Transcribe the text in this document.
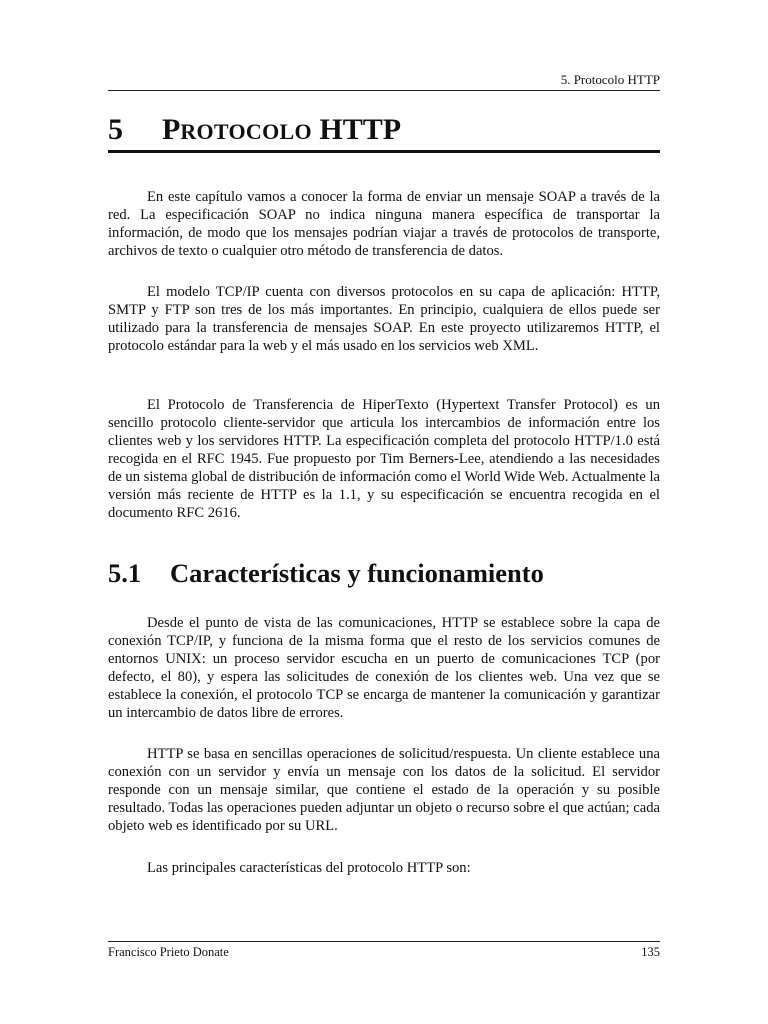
5. Protocolo HTTP
5 PROTOCOLO HTTP

En este capítulo vamos a conocer la forma de enviar un mensaje SOAP a través de la red. La especificación SOAP no indica ninguna manera específica de transportar la información, de modo que los mensajes podrían viajar a través de protocolos de transporte, archivos de texto o cualquier otro método de transferencia de datos.

El modelo TCP/IP cuenta con diversos protocolos en su capa de aplicación: HTTP, SMTP y FTP son tres de los más importantes. En principio, cualquiera de ellos puede ser utilizado para la transferencia de mensajes SOAP. En este proyecto utilizaremos HTTP, el protocolo estándar para la web y el más usado en los servicios web XML.

El Protocolo de Transferencia de HiperTexto (Hypertext Transfer Protocol) es un sencillo protocolo cliente-servidor que articula los intercambios de información entre los clientes web y los servidores HTTP. La especificación completa del protocolo HTTP/1.0 está recogida en el RFC 1945. Fue propuesto por Tim Berners-Lee, atendiendo a las necesidades de un sistema global de distribución de información como el World Wide Web. Actualmente la versión más reciente de HTTP es la 1.1, y su especificación se encuentra recogida en el documento RFC 2616.

5.1 Características y funcionamiento

Desde el punto de vista de las comunicaciones, HTTP se establece sobre la capa de conexión TCP/IP, y funciona de la misma forma que el resto de los servicios comunes de entornos UNIX: un proceso servidor escucha en un puerto de comunicaciones TCP (por defecto, el 80), y espera las solicitudes de conexión de los clientes web. Una vez que se establece la conexión, el protocolo TCP se encarga de mantener la comunicación y garantizar un intercambio de datos libre de errores.

HTTP se basa en sencillas operaciones de solicitud/respuesta. Un cliente establece una conexión con un servidor y envía un mensaje con los datos de la solicitud. El servidor responde con un mensaje similar, que contiene el estado de la operación y su posible resultado. Todas las operaciones pueden adjuntar un objeto o recurso sobre el que actúan; cada objeto web es identificado por su URL.

Las principales características del protocolo HTTP son:

Francisco Prieto Donate	135
